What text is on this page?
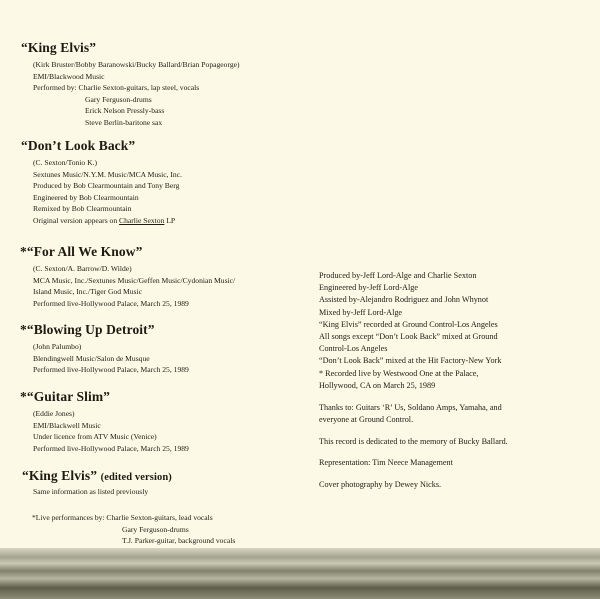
“King Elvis”
(Kirk Bruster/Bobby Baranowski/Bucky Ballard/Brian Popageorge)
EMI/Blackwood Music
Performed by: Charlie Sexton-guitars, lap steel, vocals
Gary Ferguson-drums
Erick Nelson Pressly-bass
Steve Berlin-baritone sax
“Don’t Look Back”
(C. Sexton/Tonio K.)
Sextunes Music/N.Y.M. Music/MCA Music, Inc.
Produced by Bob Clearmountain and Tony Berg
Engineered by Bob Clearmountain
Remixed by Bob Clearmountain
Original version appears on Charlie Sexton LP
*“For All We Know”
(C. Sexton/A. Barrow/D. Wilde)
MCA Music, Inc./Sextunes Music/Geffen Music/Cydonian Music/
Island Music, Inc./Tiger God Music
Performed live-Hollywood Palace, March 25, 1989
*“Blowing Up Detroit”
(John Palumbo)
Blendingwell Music/Salon de Musque
Performed live-Hollywood Palace, March 25, 1989
*“Guitar Slim”
(Eddie Jones)
EMI/Blackwell Music
Under licence from ATV Music (Venice)
Performed live-Hollywood Palace, March 25, 1989
“King Elvis” (edited version)
Same information as listed previously
*Live performances by: Charlie Sexton-guitars, lead vocals
Gary Ferguson-drums
T.J. Parker-guitar, background vocals
Produced by-Jeff Lord-Alge and Charlie Sexton
Engineered by-Jeff Lord-Alge
Assisted by-Alejandro Rodriguez and John Whynot
Mixed by-Jeff Lord-Alge
“King Elvis” recorded at Ground Control-Los Angeles
All songs except “Don’t Look Back” mixed at Ground
Control-Los Angeles
“Don’t Look Back” mixed at the Hit Factory-New York
* Recorded live by Westwood One at the Palace,
Hollywood, CA on March 25, 1989
Thanks to: Guitars ‘R’ Us, Soldano Amps, Yamaha, and
everyone at Ground Control.
This record is dedicated to the memory of Bucky Ballard.
Representation: Tim Neece Management
Cover photography by Dewey Nicks.
